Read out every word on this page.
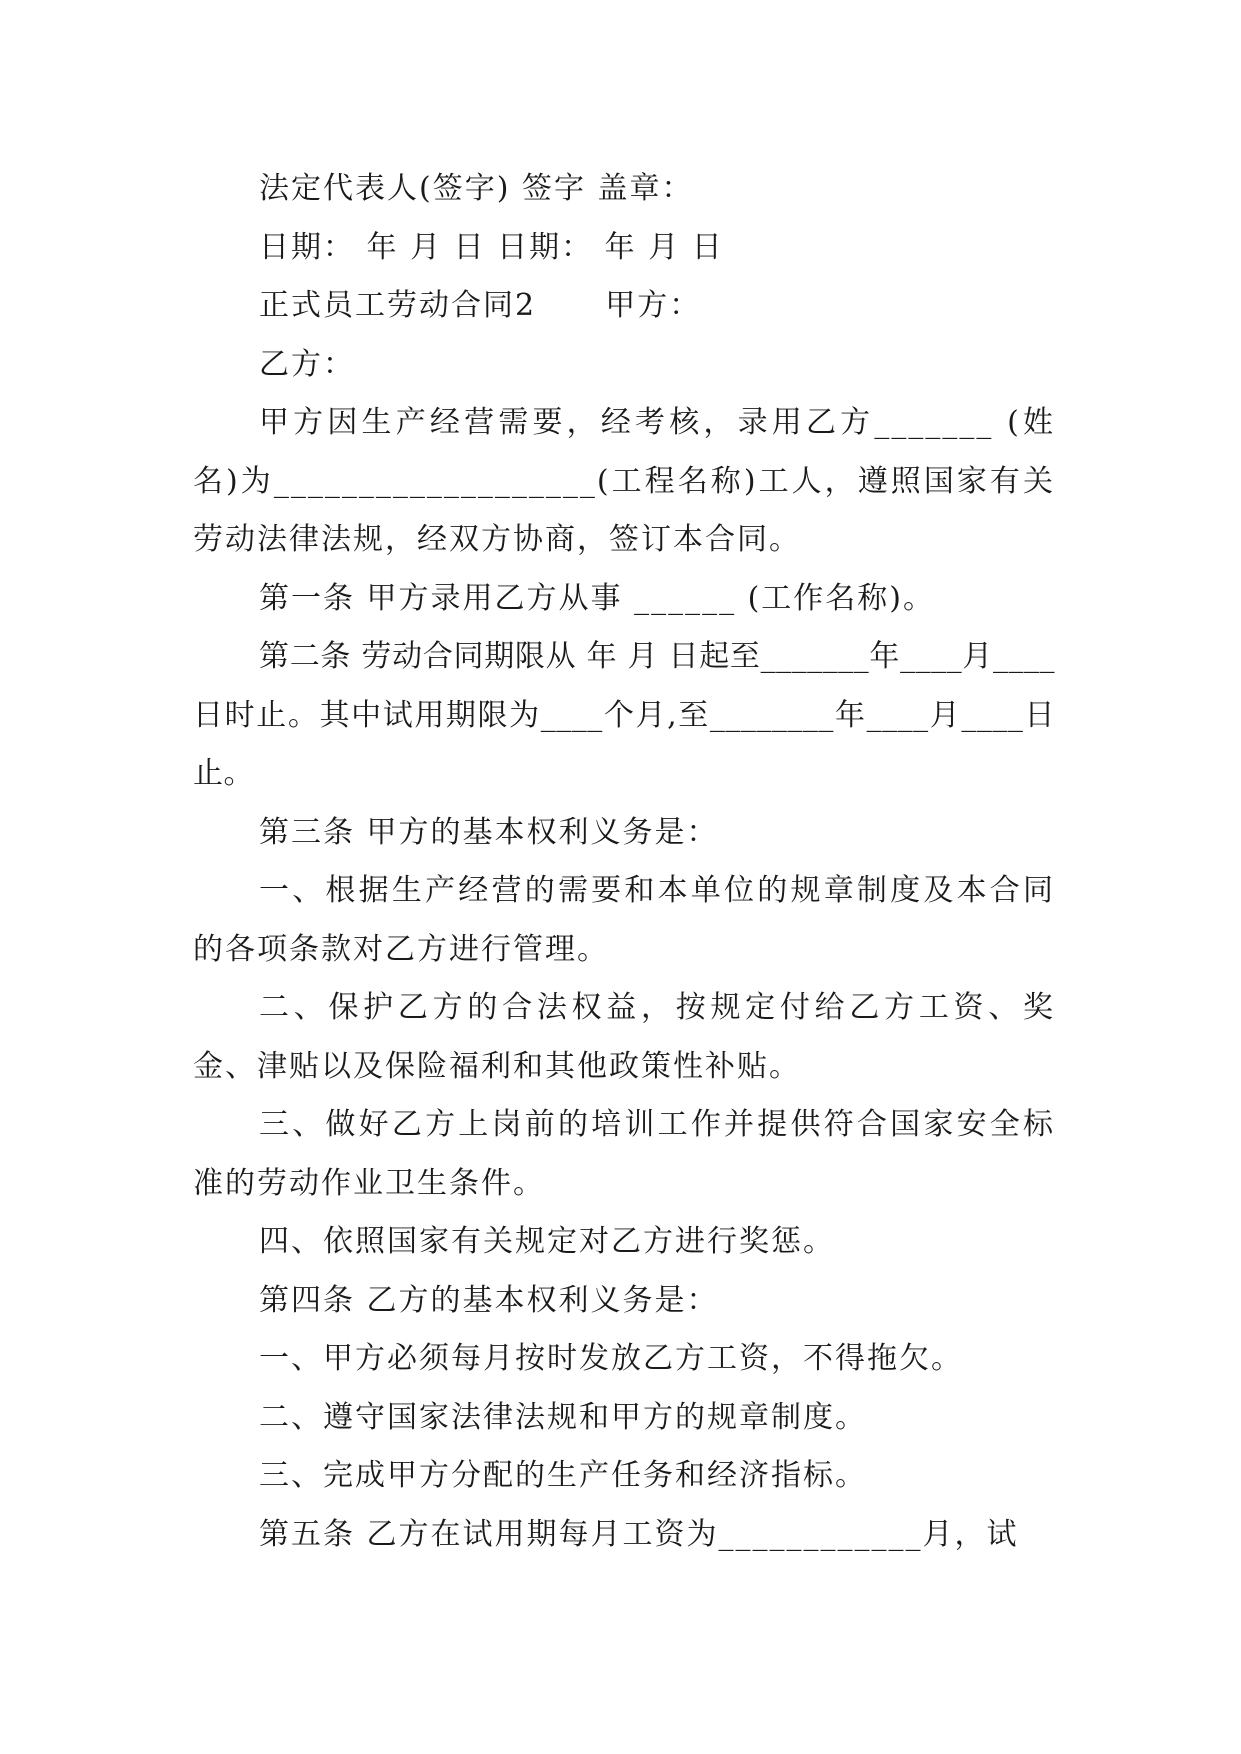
法定代表人(签字) 签字 盖章：

日期： 年 月 日 日期： 年 月 日

正式员工劳动合同2      甲方：

乙方：

甲方因生产经营需要，经考核，录用乙方_______ (姓名)为___________________(工程名称)工人，遵照国家有关劳动法律法规，经双方协商，签订本合同。

第一条 甲方录用乙方从事 ______ (工作名称)。

第二条 劳动合同期限从 年 月 日起至_______年____月____日时止。其中试用期限为____个月,至________年____月____日止。

第三条 甲方的基本权利义务是：

一、根据生产经营的需要和本单位的规章制度及本合同的各项条款对乙方进行管理。

二、保护乙方的合法权益，按规定付给乙方工资、奖金、津贴以及保险福利和其他政策性补贴。

三、做好乙方上岗前的培训工作并提供符合国家安全标准的劳动作业卫生条件。

四、依照国家有关规定对乙方进行奖惩。

第四条 乙方的基本权利义务是：

一、甲方必须每月按时发放乙方工资，不得拖欠。

二、遵守国家法律法规和甲方的规章制度。

三、完成甲方分配的生产任务和经济指标。

第五条 乙方在试用期每月工资为____________月，试
